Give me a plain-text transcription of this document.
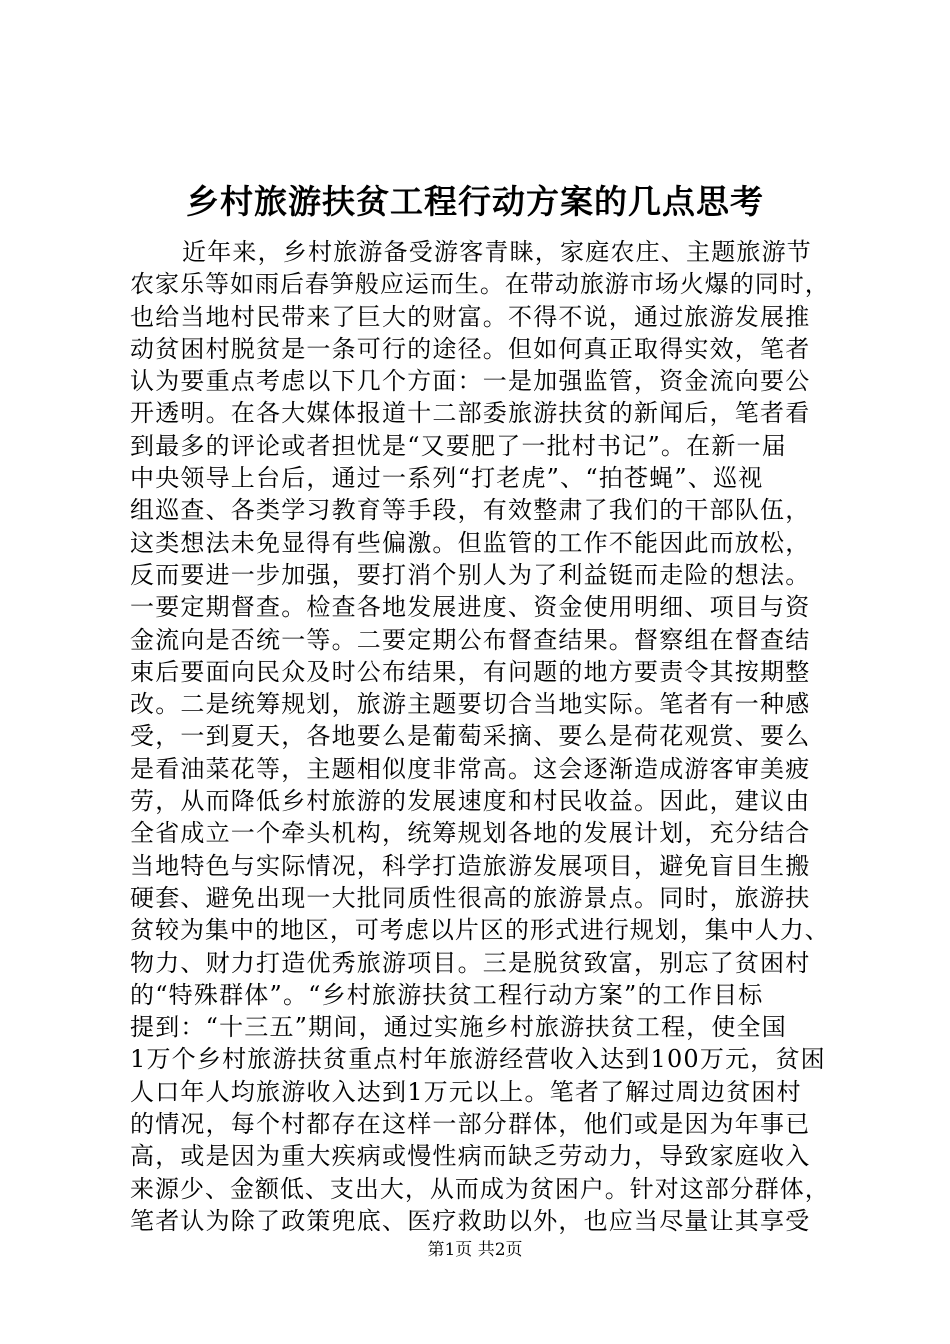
乡村旅游扶贫工程行动方案的几点思考
近年来，乡村旅游备受游客青睐，家庭农庄、主题旅游节
农家乐等如雨后春笋般应运而生。在带动旅游市场火爆的同时，
也给当地村民带来了巨大的财富。不得不说，通过旅游发展推
动贫困村脱贫是一条可行的途径。但如何真正取得实效，笔者
认为要重点考虑以下几个方面：一是加强监管，资金流向要公
开透明。在各大媒体报道十二部委旅游扶贫的新闻后，笔者看
到最多的评论或者担忧是“又要肥了一批村书记”。在新一届
中央领导上台后，通过一系列“打老虎”、“拍苍蝇”、巡视
组巡查、各类学习教育等手段，有效整肃了我们的干部队伍，
这类想法未免显得有些偏激。但监管的工作不能因此而放松，
反而要进一步加强，要打消个别人为了利益铤而走险的想法。
一要定期督查。检查各地发展进度、资金使用明细、项目与资
金流向是否统一等。二要定期公布督查结果。督察组在督查结
束后要面向民众及时公布结果，有问题的地方要责令其按期整
改。二是统筹规划，旅游主题要切合当地实际。笔者有一种感
受，一到夏天，各地要么是葡萄采摘、要么是荷花观赏、要么
是看油菜花等，主题相似度非常高。这会逐渐造成游客审美疲
劳，从而降低乡村旅游的发展速度和村民收益。因此，建议由
全省成立一个牵头机构，统筹规划各地的发展计划，充分结合
当地特色与实际情况，科学打造旅游发展项目，避免盲目生搬
硬套、避免出现一大批同质性很高的旅游景点。同时，旅游扶
贫较为集中的地区，可考虑以片区的形式进行规划，集中人力、
物力、财力打造优秀旅游项目。三是脱贫致富，别忘了贫困村
的“特殊群体”。“乡村旅游扶贫工程行动方案”的工作目标
提到：“十三五”期间，通过实施乡村旅游扶贫工程，使全国
1万个乡村旅游扶贫重点村年旅游经营收入达到100万元，贫困
人口年人均旅游收入达到1万元以上。笔者了解过周边贫困村
的情况，每个村都存在这样一部分群体，他们或是因为年事已
高，或是因为重大疾病或慢性病而缺乏劳动力，导致家庭收入
来源少、金额低、支出大，从而成为贫困户。针对这部分群体，
笔者认为除了政策兜底、医疗救助以外，也应当尽量让其享受
第1页 共2页
